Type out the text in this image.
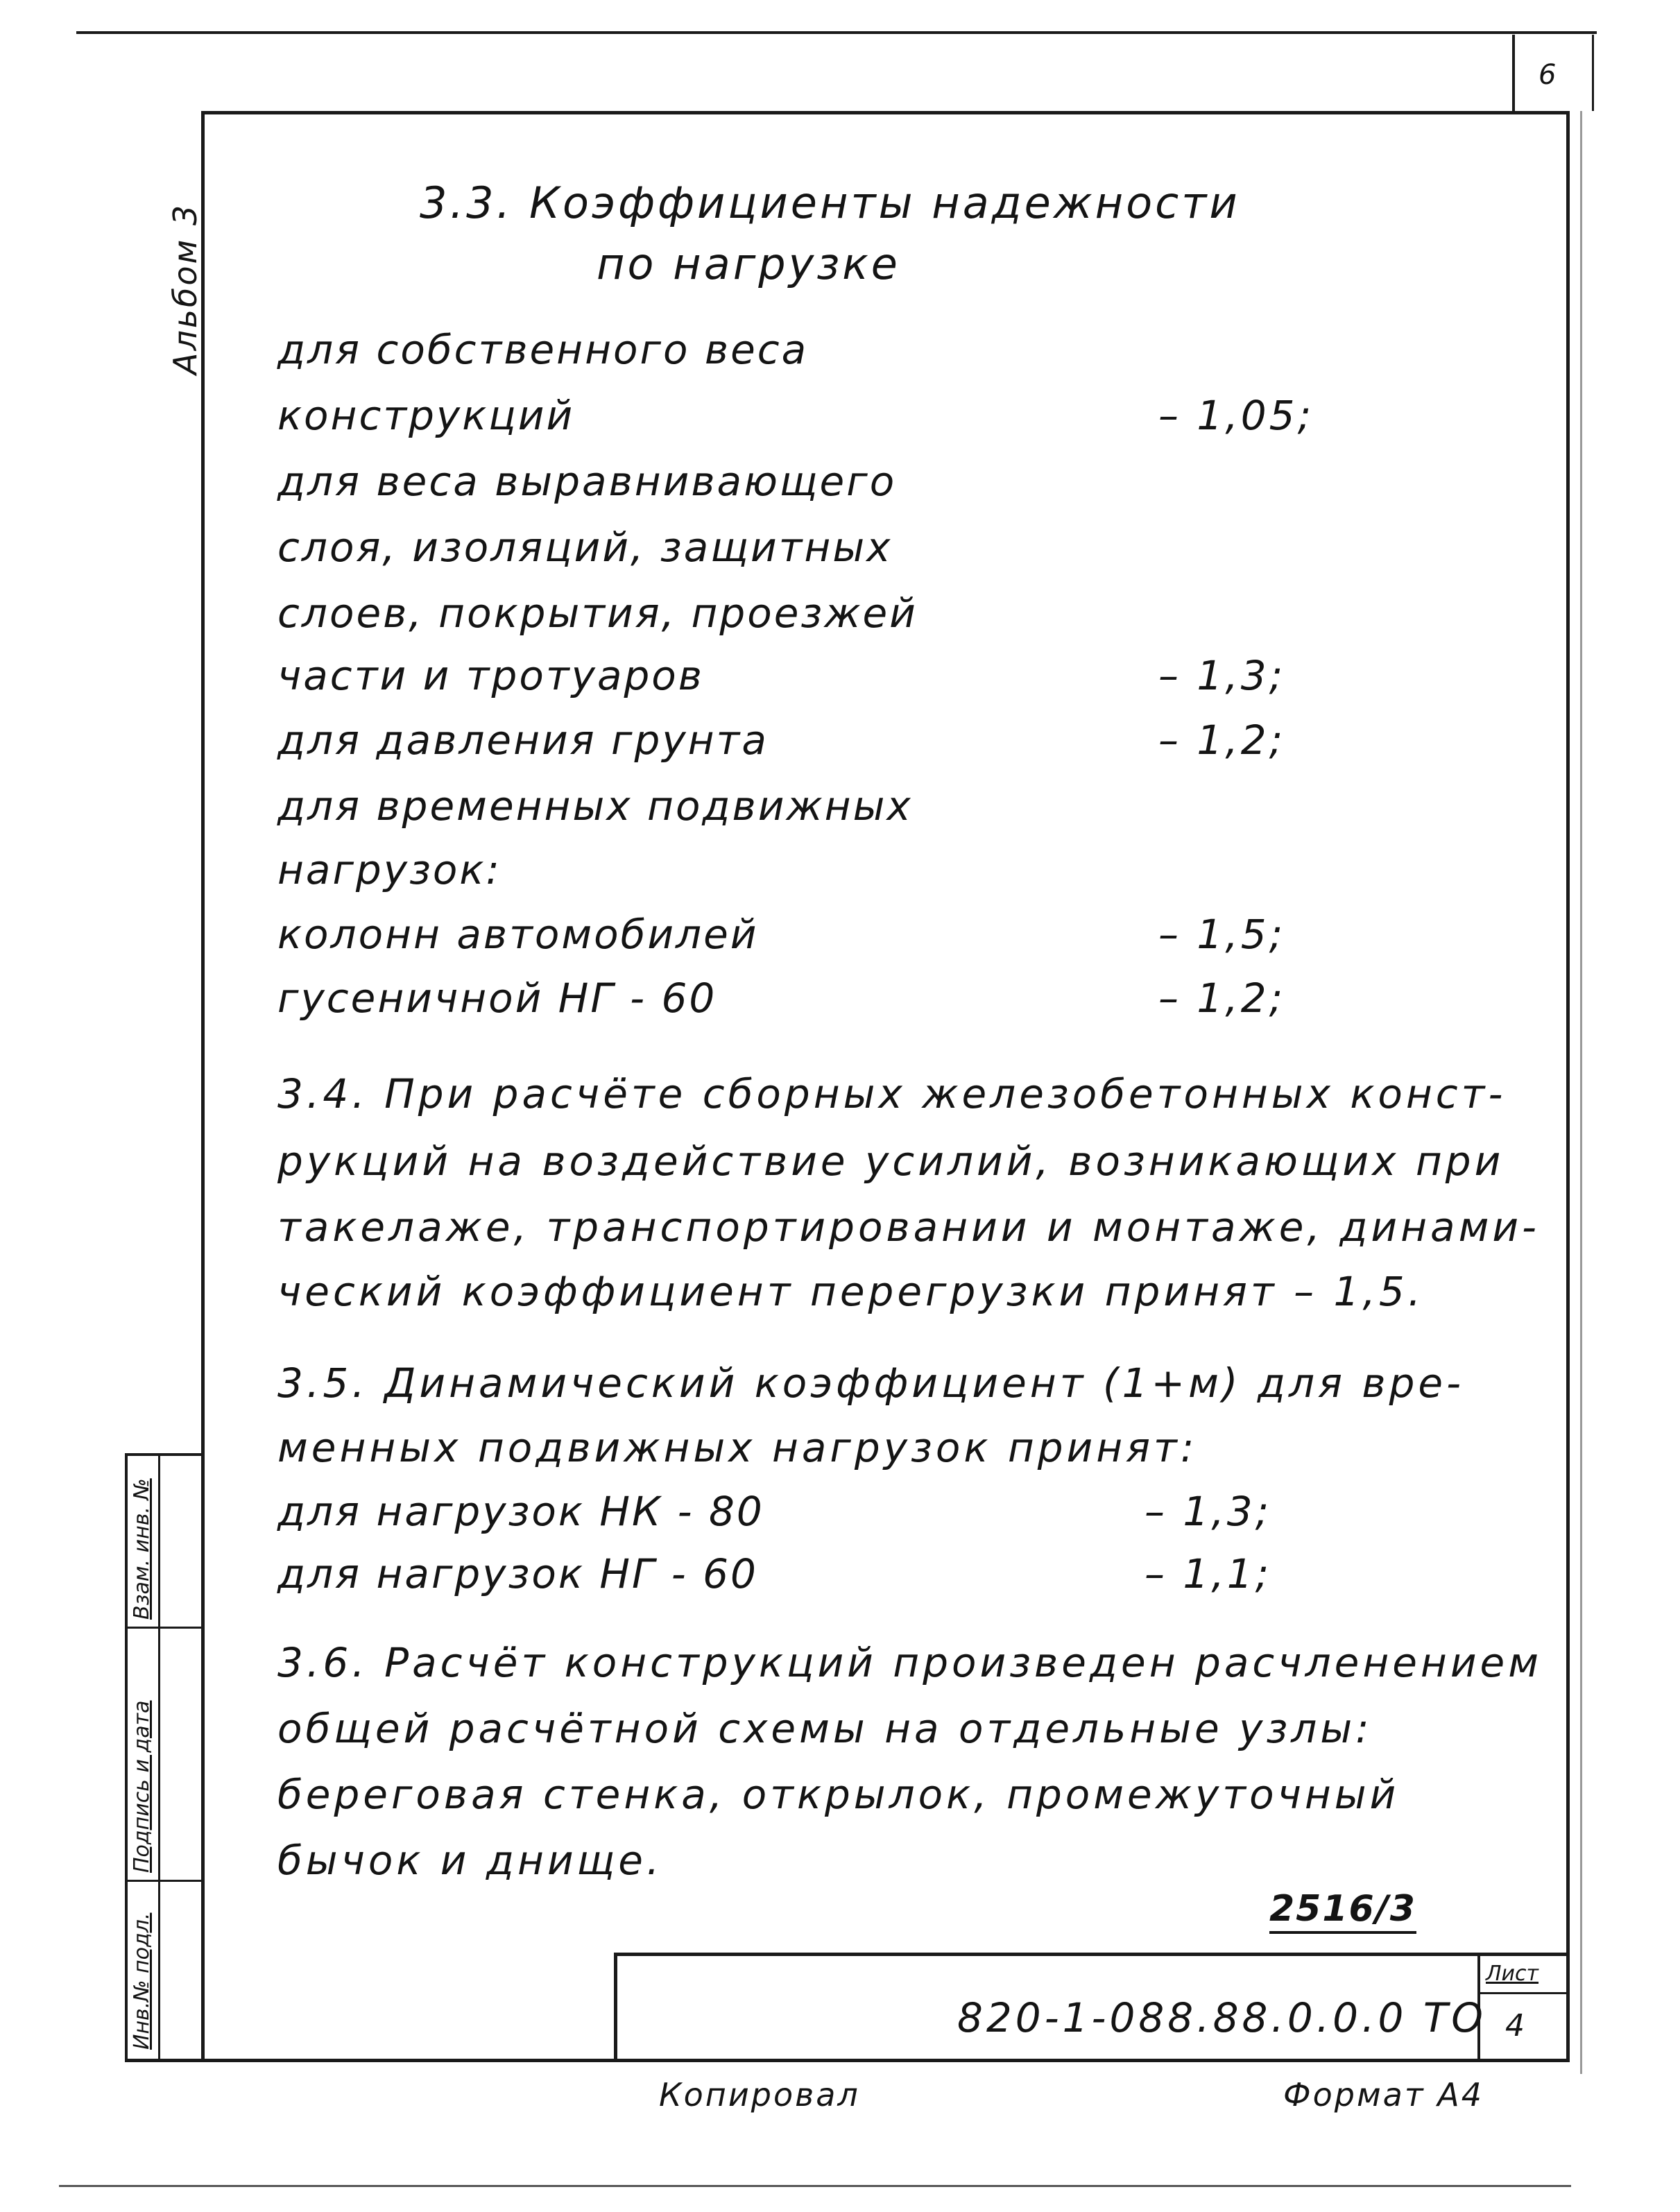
6
Альбом 3
Взам. инв. №
Подпись и дата
Инв.№ подл.
3.3. Коэффициенты надежности
по нагрузке
для собственного веса
конструкций	– 1,05;
для веса выравнивающего
слоя, изоляций, защитных
слоев, покрытия, проезжей
части и тротуаров	– 1,3;
для давления грунта	– 1,2;
для временных подвижных
нагрузок:
колонн автомобилей	– 1,5;
гусеничной НГ - 60	– 1,2;
3.4. При расчёте сборных железобетонных конст-
рукций на воздействие усилий, возникающих при
такелаже, транспортировании и монтаже, динами-
ческий коэффициент перегрузки принят – 1,5.
3.5. Динамический коэффициент (1+м) для вре-
менных подвижных нагрузок принят:
для нагрузок НК - 80	– 1,3;
для нагрузок НГ - 60	– 1,1;
3.6. Расчёт конструкций произведен расчленением
общей расчётной схемы на отдельные узлы:
береговая стенка, открылок, промежуточный
бычок и днище.
2516/3
Лист
4
820-1-088.88.0.0.0 ТО
Копировал	Формат А4
